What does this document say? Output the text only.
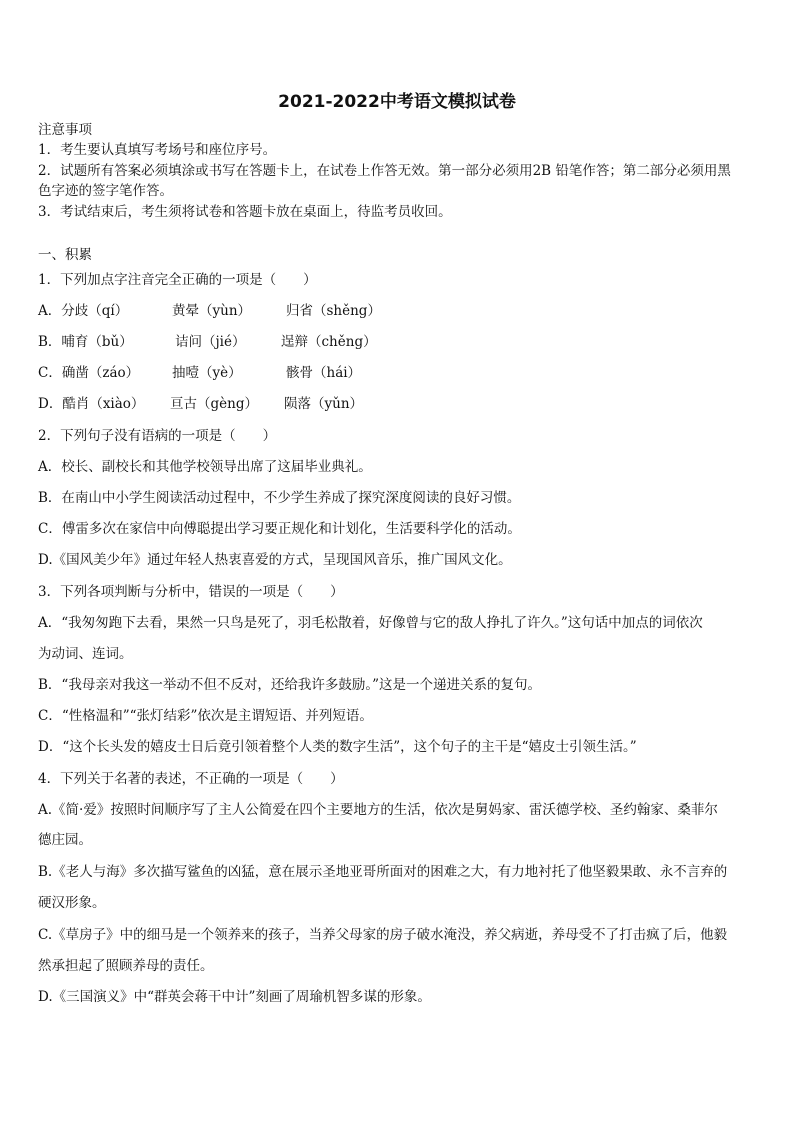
2021-2022中考语文模拟试卷
注意事项
1．考生要认真填写考场号和座位序号。
2．试题所有答案必须填涂或书写在答题卡上，在试卷上作答无效。第一部分必须用2B 铅笔作答；第二部分必须用黑
色字迹的签字笔作答。
3．考试结束后，考生须将试卷和答题卡放在桌面上，待监考员收回。
一、积累
1．下列加点字注音完全正确的一项是（　　）
A．分歧（qí）	黄晕（yùn）	归省（shěng）
B．哺育（bǔ）	诘问（jié）	逞辩（chěng）
C．确凿（záo） 抽噎（yè）	骸骨（hái）
D．酷肖（xiào） 亘古（gèng） 陨落（yǔn）
2．下列句子没有语病的一项是（　　）
A．校长、副校长和其他学校领导出席了这届毕业典礼。
B．在南山中小学生阅读活动过程中，不少学生养成了探究深度阅读的良好习惯。
C．傅雷多次在家信中向傅聪提出学习要正规化和计划化，生活要科学化的活动。
D.《国风美少年》通过年轻人热衷喜爱的方式，呈现国风音乐，推广国风文化。
3．下列各项判断与分析中，错误的一项是（　　）
A．“我匆匆跑下去看，果然一只鸟是死了，羽毛松散着，好像曾与它的敌人挣扎了许久。”这句话中加点的词依次
为动词、连词。
B．“我母亲对我这一举动不但不反对，还给我许多鼓励。”这是一个递进关系的复句。
C．“性格温和”“张灯结彩”依次是主谓短语、并列短语。
D．“这个长头发的嬉皮士日后竟引领着整个人类的数字生活”，这个句子的主干是“嬉皮士引领生活。”
4．下列关于名著的表述，不正确的一项是（　　）
A.《简·爱》按照时间顺序写了主人公简爱在四个主要地方的生活，依次是舅妈家、雷沃德学校、圣约翰家、桑菲尔
德庄园。
B.《老人与海》多次描写鲨鱼的凶猛，意在展示圣地亚哥所面对的困难之大，有力地衬托了他坚毅果敢、永不言弃的
硬汉形象。
C.《草房子》中的细马是一个领养来的孩子，当养父母家的房子破水淹没，养父病逝，养母受不了打击疯了后，他毅
然承担起了照顾养母的责任。
D.《三国演义》中“群英会蒋干中计”刻画了周瑜机智多谋的形象。
